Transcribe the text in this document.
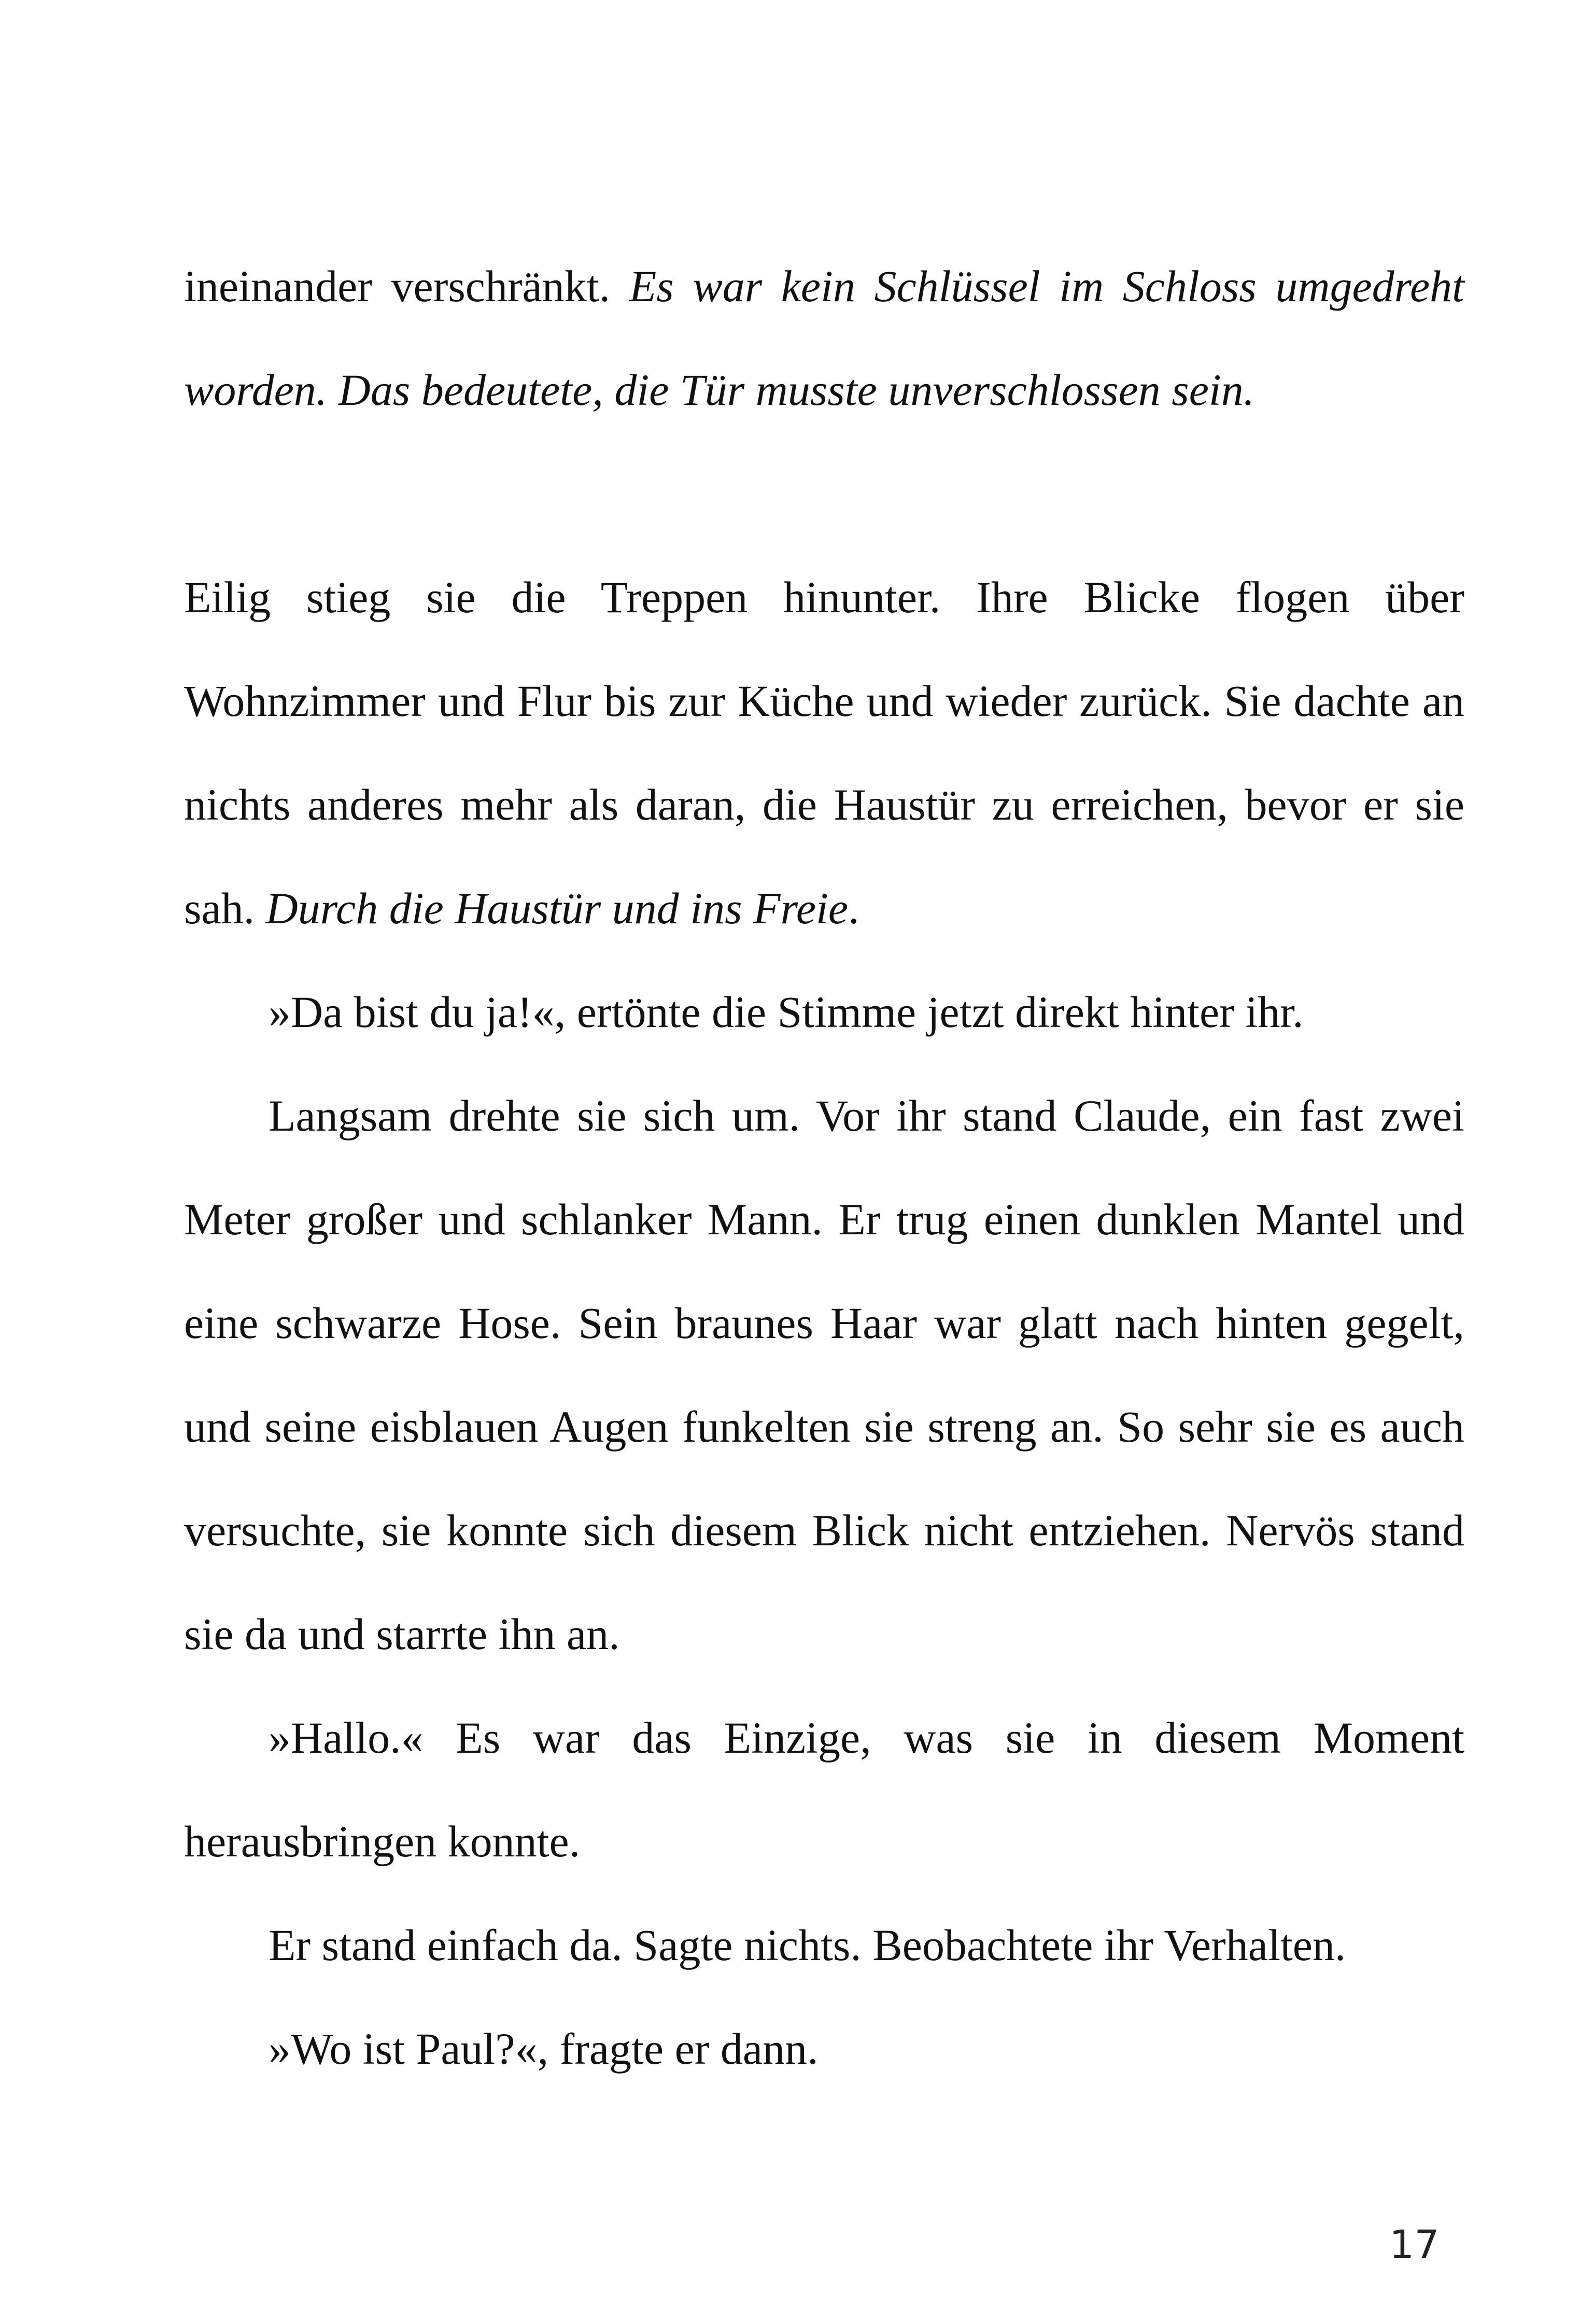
ineinander verschränkt. Es war kein Schlüssel im Schloss umgedreht worden. Das bedeutete, die Tür musste unverschlossen sein.

Eilig stieg sie die Treppen hinunter. Ihre Blicke flogen über Wohnzimmer und Flur bis zur Küche und wieder zurück. Sie dachte an nichts anderes mehr als daran, die Haustür zu erreichen, bevor er sie sah. Durch die Haustür und ins Freie.

»Da bist du ja!«, ertönte die Stimme jetzt direkt hinter ihr.

Langsam drehte sie sich um. Vor ihr stand Claude, ein fast zwei Meter großer und schlanker Mann. Er trug einen dunklen Mantel und eine schwarze Hose. Sein braunes Haar war glatt nach hinten gegelt, und seine eisblauen Augen funkelten sie streng an. So sehr sie es auch versuchte, sie konnte sich diesem Blick nicht entziehen. Nervös stand sie da und starrte ihn an.

»Hallo.« Es war das Einzige, was sie in diesem Moment herausbringen konnte.

Er stand einfach da. Sagte nichts. Beobachtete ihr Verhalten.

»Wo ist Paul?«, fragte er dann.

17
